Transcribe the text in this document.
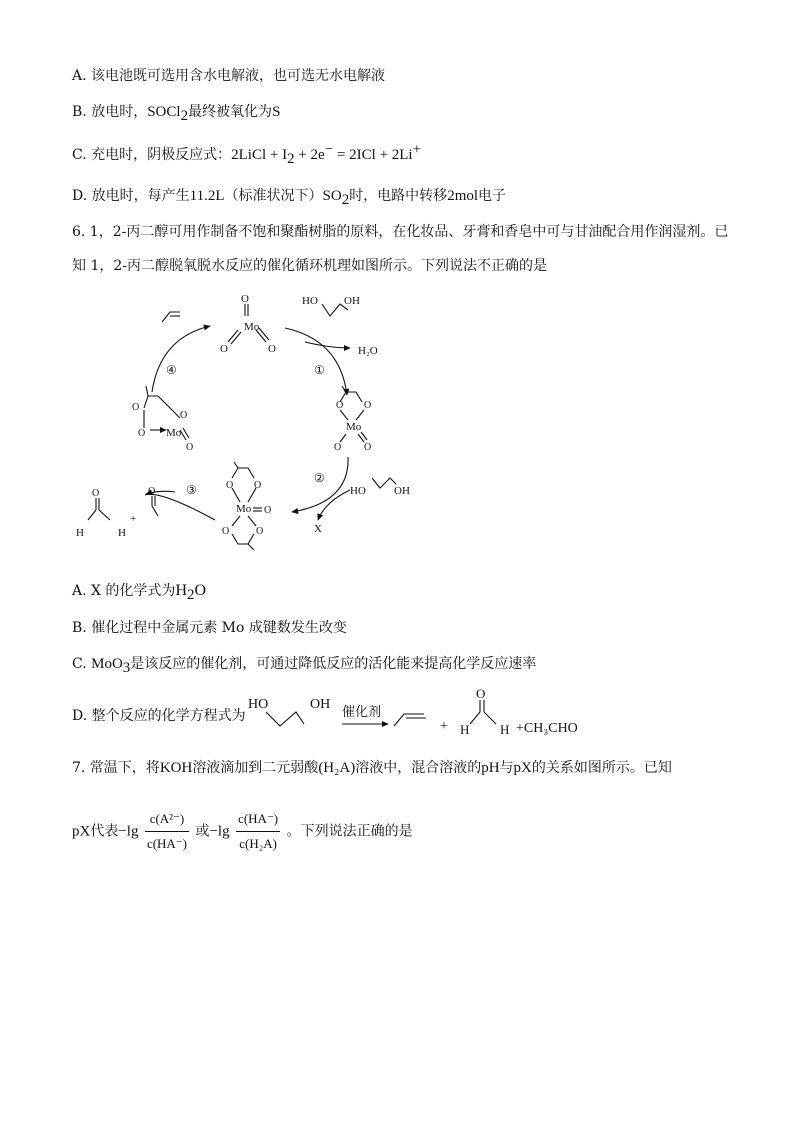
A. 该电池既可选用含水电解液，也可选无水电解液
B. 放电时，SOCl$_2$最终被氧化为S
C. 充电时，阴极反应式：2LiCl + $I_2 + 2e^- = 2ICl + 2Li^+$
D. 放电时，每产生11.2L（标准状况下）$SO_2$时，电路中转移2mol电子
6. 1，2-丙二醇可用作制备不饱和聚酯树脂的原料，在化妆品、牙膏和香皂中可与甘油配合用作润湿剂。已
知 1，2-丙二醇脱氧脱水反应的催化循环机理如图所示。下列说法不正确的是
Mo
O
O	O
HO OH
H₂O
①
④
②
③
O O
Mo
O O
O
O
O Mo
O
O O
Mo O
O	O
HO	OH
X
O
H	H
+
O
A. X 的化学式为$H_2O$
B. 催化过程中金属元素 Mo 成键数发生改变
C. MoO$_3$是该反应的催化剂，可通过降低反应的活化能来提高化学反应速率
D. 整个反应的化学方程式为
HO	OH 催化剂
+
O
H H +CH₃CHO
7. 常温下，将KOH溶液滴加到二元弱酸(H₂A)溶液中，混合溶液的pH与pX的关系如图所示。已知
pX代表$-\lg \frac{\text{c(A²⁻)}}{c(HA^-)}$ 或$-\lg \frac{c(HA^-)}{\text{c(H₂A)}}$ 。下列说法正确的是
